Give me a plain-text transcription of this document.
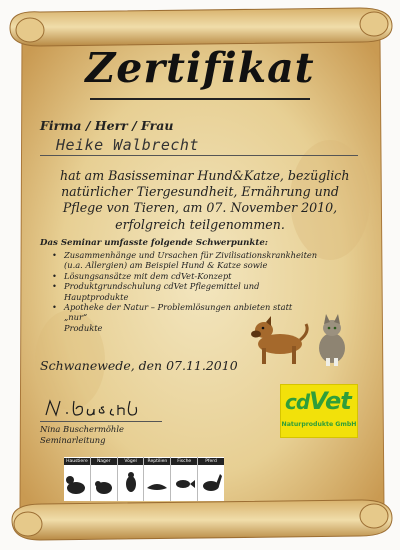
Zertifikat
Firma / Herr / Frau
Heike Walbrecht
hat am Basisseminar Hund&Katze, bezüglich
natürlicher Tiergesundheit, Ernährung und
Pflege von Tieren, am 07. November 2010,
erfolgreich teilgenommen.
Das Seminar umfasste folgende Schwerpunkte:
• Zusammenhänge und Ursachen für Zivilisationskrankheiten
(u.a. Allergien) am Beispiel Hund & Katze sowie
• Lösungsansätze mit dem cdVet-Konzept
• Produktgrundschulung cdVet Pflegemittel und Hauptprodukte
• Apotheke der Natur – Problemlösungen anbieten statt „nur“
Produkte
Schwanewede, den 07.11.2010
Nina Buschermöhle
Seminarleitung
cdVet
Naturprodukte GmbH
Haustiere	Nager	Vögel	Reptilien	Fische	Pferd
